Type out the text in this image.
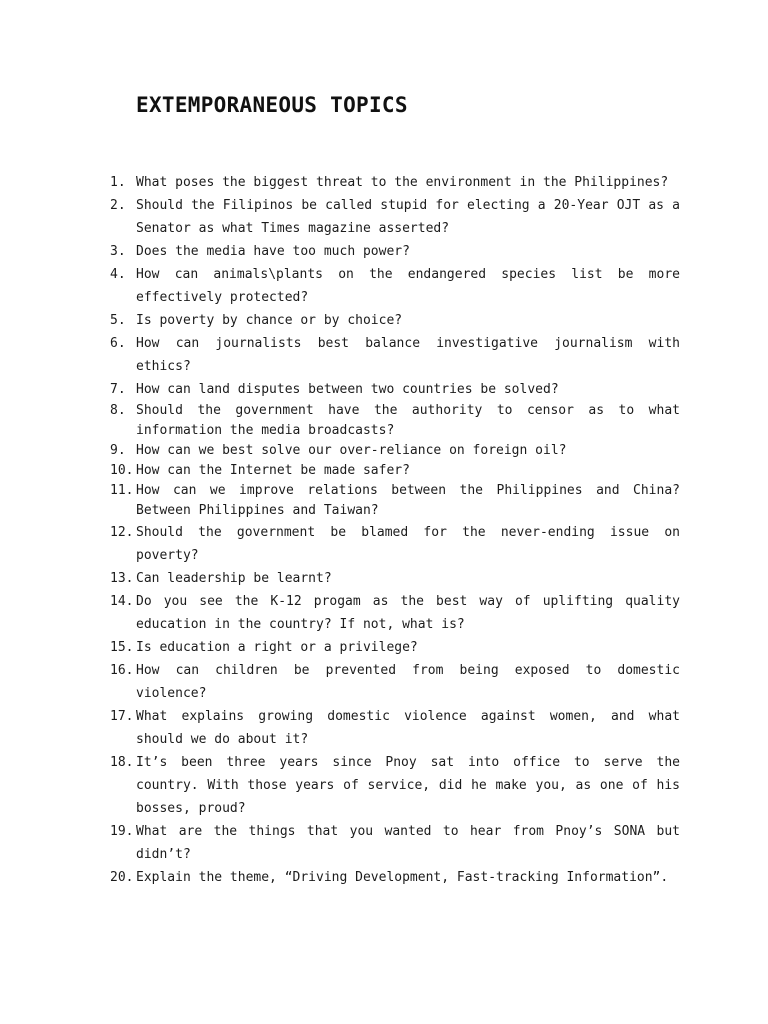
EXTEMPORANEOUS TOPICS
1. What poses the biggest threat to the environment in the Philippines?
2. Should the Filipinos be called stupid for electing a 20-Year OJT as a Senator as what Times magazine asserted?
3. Does the media have too much power?
4. How can animals\plants on the endangered species list be more effectively protected?
5. Is poverty by chance or by choice?
6. How can journalists best balance investigative journalism with ethics?
7. How can land disputes between two countries be solved?
8. Should the government have the authority to censor as to what information the media broadcasts?
9. How can we best solve our over-reliance on foreign oil?
10. How can the Internet be made safer?
11. How can we improve relations between the Philippines and China? Between Philippines and Taiwan?
12. Should the government be blamed for the never-ending issue on poverty?
13. Can leadership be learnt?
14. Do you see the K-12 progam as the best way of uplifting quality education in the country? If not, what is?
15. Is education a right or a privilege?
16. How can children be prevented from being exposed to domestic violence?
17. What explains growing domestic violence against women, and what should we do about it?
18. It’s been three years since Pnoy sat into office to serve the country. With those years of service, did he make you, as one of his bosses, proud?
19. What are the things that you wanted to hear from Pnoy’s SONA but didn’t?
20. Explain the theme, “Driving Development, Fast-tracking Information”.
